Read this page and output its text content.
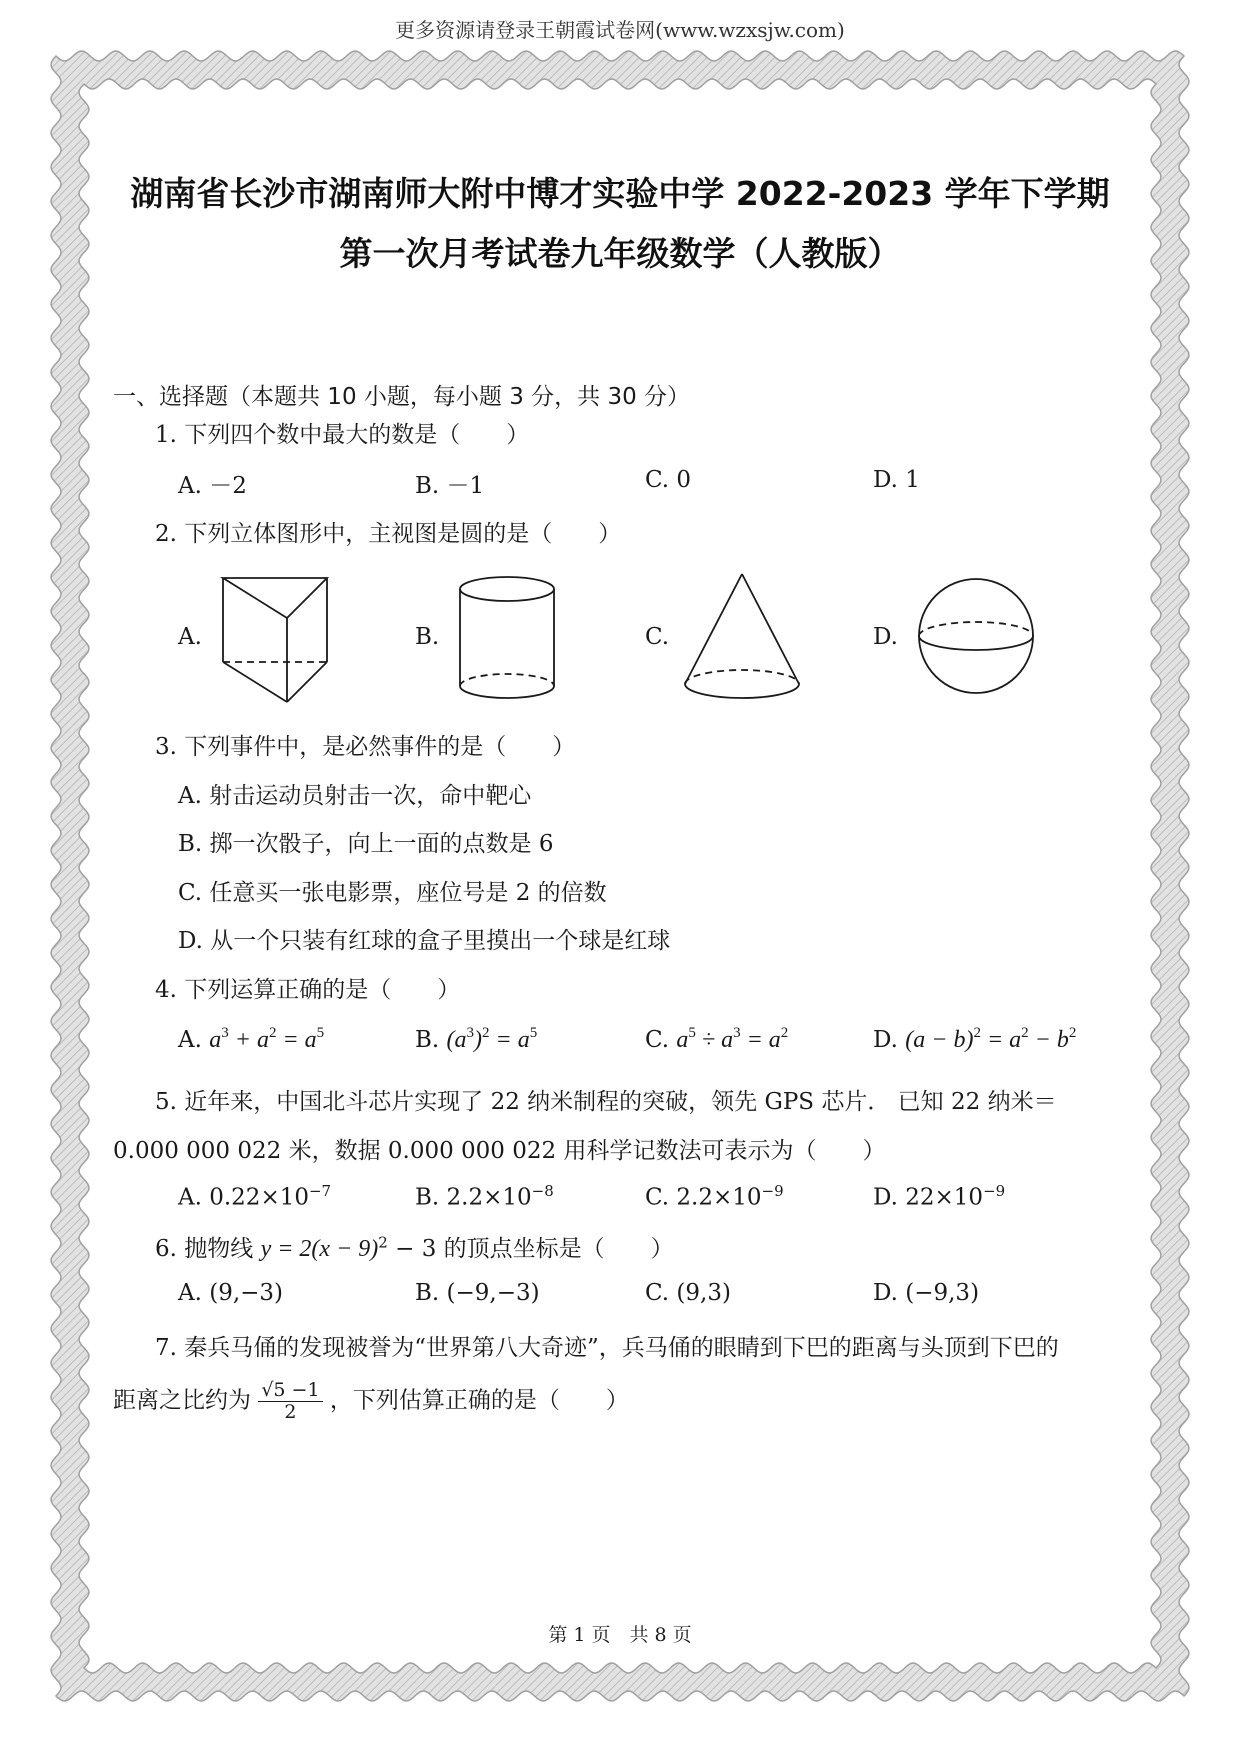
更多资源请登录王朝霞试卷网(www.wzxsjw.com)
湖南省长沙市湖南师大附中博才实验中学 2022-2023 学年下学期
第一次月考试卷九年级数学（人教版）
一、选择题（本题共 10 小题，每小题 3 分，共 30 分）
1. 下列四个数中最大的数是（　　）
A. －2	B. －1	C. 0	D. 1
2. 下列立体图形中，主视图是圆的是（　　）
A.	B.	C.	D.
3. 下列事件中，是必然事件的是（　　）
A. 射击运动员射击一次，命中靶心
B. 掷一次骰子，向上一面的点数是 6
C. 任意买一张电影票，座位号是 2 的倍数
D. 从一个只装有红球的盒子里摸出一个球是红球
4. 下列运算正确的是（　　）
A. $a^3 + a^2 = a^5$	B. $(a^3)^2 = a^5$	C. $a^5 \div a^3 = a^2$	D. $(a - b)^2 = a^2 - b^2$
5. 近年来，中国北斗芯片实现了 22 纳米制程的突破，领先 GPS 芯片． 已知 22 纳米＝
0.000 000 022 米，数据 0.000 000 022 用科学记数法可表示为（　　）
A. $0.22\times 10^{-7}$	B. $2.2\times 10^{-8}$	C. $2.2\times 10^{-9}$	D. $22\times 10^{-9}$
6. 抛物线 $y = 2(x - 9)^2 - 3$ 的顶点坐标是（　　）
A. (9,−3)	B. (−9,−3)	C. (9,3)	D. (−9,3)
7. 秦兵马俑的发现被誉为“世界第八大奇迹”，兵马俑的眼睛到下巴的距离与头顶到下巴的
距离之比约为 $\frac{√5 -1}{2}$ ，下列估算正确的是（　　）
第 1 页　共 8 页
